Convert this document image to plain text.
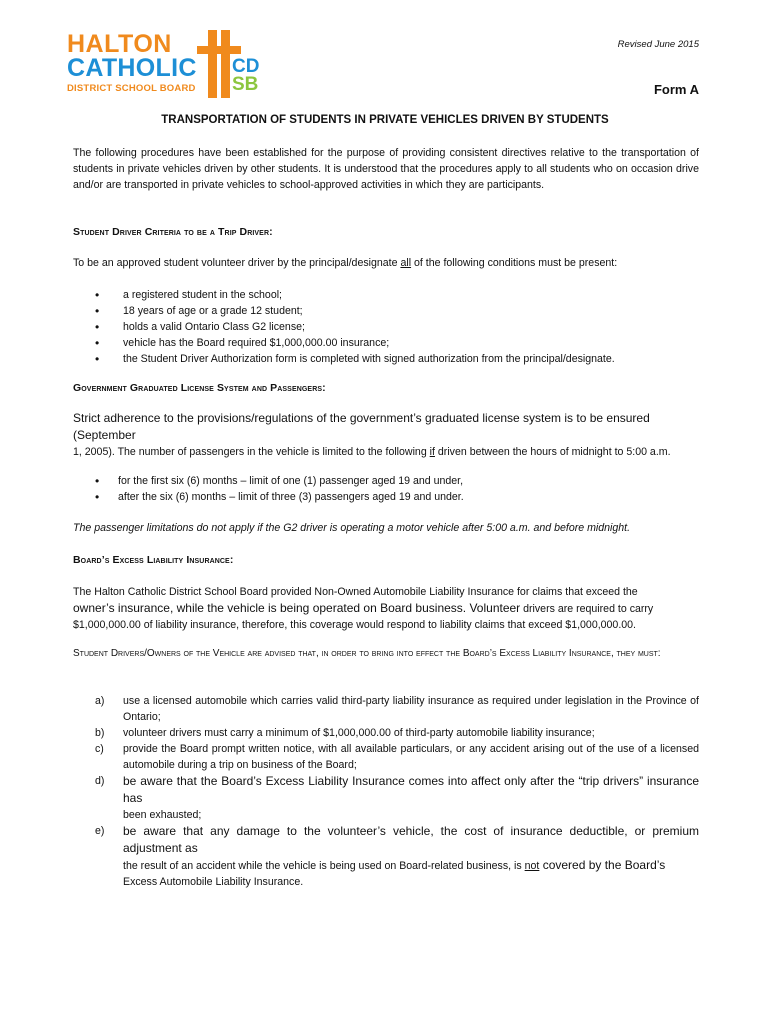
HALTON
CATHOLIC
DISTRICT SCHOOL BOARD
CD
SB
Revised June 2015
Form A
TRANSPORTATION OF STUDENTS IN PRIVATE VEHICLES DRIVEN BY STUDENTS
The following procedures have been established for the purpose of providing consistent directives relative to the transportation of students in private vehicles driven by other students. It is understood that the procedures apply to all students who on occasion drive and/or are transported in private vehicles to school-approved activities in which they are participants.
Student Driver Criteria to be a Trip Driver:
To be an approved student volunteer driver by the principal/designate all of the following conditions must be present:
• a registered student in the school;
• 18 years of age or a grade 12 student;
• holds a valid Ontario Class G2 license;
• vehicle has the Board required $1,000,000.00 insurance;
• the Student Driver Authorization form is completed with signed authorization from the principal/designate.
Government Graduated License System and Passengers:
Strict adherence to the provisions/regulations of the government’s graduated license system is to be ensured (September
1, 2005). The number of passengers in the vehicle is limited to the following if driven between the hours of midnight to 5:00 a.m.
• for the first six (6) months – limit of one (1) passenger aged 19 and under,
• after the six (6) months – limit of three (3) passengers aged 19 and under.
The passenger limitations do not apply if the G2 driver is operating a motor vehicle after 5:00 a.m. and before midnight.
Board’s Excess Liability Insurance:
The Halton Catholic District School Board provided Non-Owned Automobile Liability Insurance for claims that exceed the
owner’s insurance, while the vehicle is being operated on Board business. Volunteer drivers are required to carry
$1,000,000.00 of liability insurance, therefore, this coverage would respond to liability claims that exceed $1,000,000.00.
Student Drivers/Owners of the Vehicle are advised that, in order to bring into effect the Board’s Excess Liability Insurance, they must:
a) use a licensed automobile which carries valid third-party liability insurance as required under legislation in the Province of Ontario;
b) volunteer drivers must carry a minimum of $1,000,000.00 of third-party automobile liability insurance;
c) provide the Board prompt written notice, with all available particulars, or any accident arising out of the use of a licensed automobile during a trip on business of the Board;
d) be aware that the Board’s Excess Liability Insurance comes into affect only after the “trip drivers” insurance has
been exhausted;
e) be aware that any damage to the volunteer’s vehicle, the cost of insurance deductible, or premium adjustment as
the result of an accident while the vehicle is being used on Board-related business, is not covered by the Board’s
Excess Automobile Liability Insurance.
